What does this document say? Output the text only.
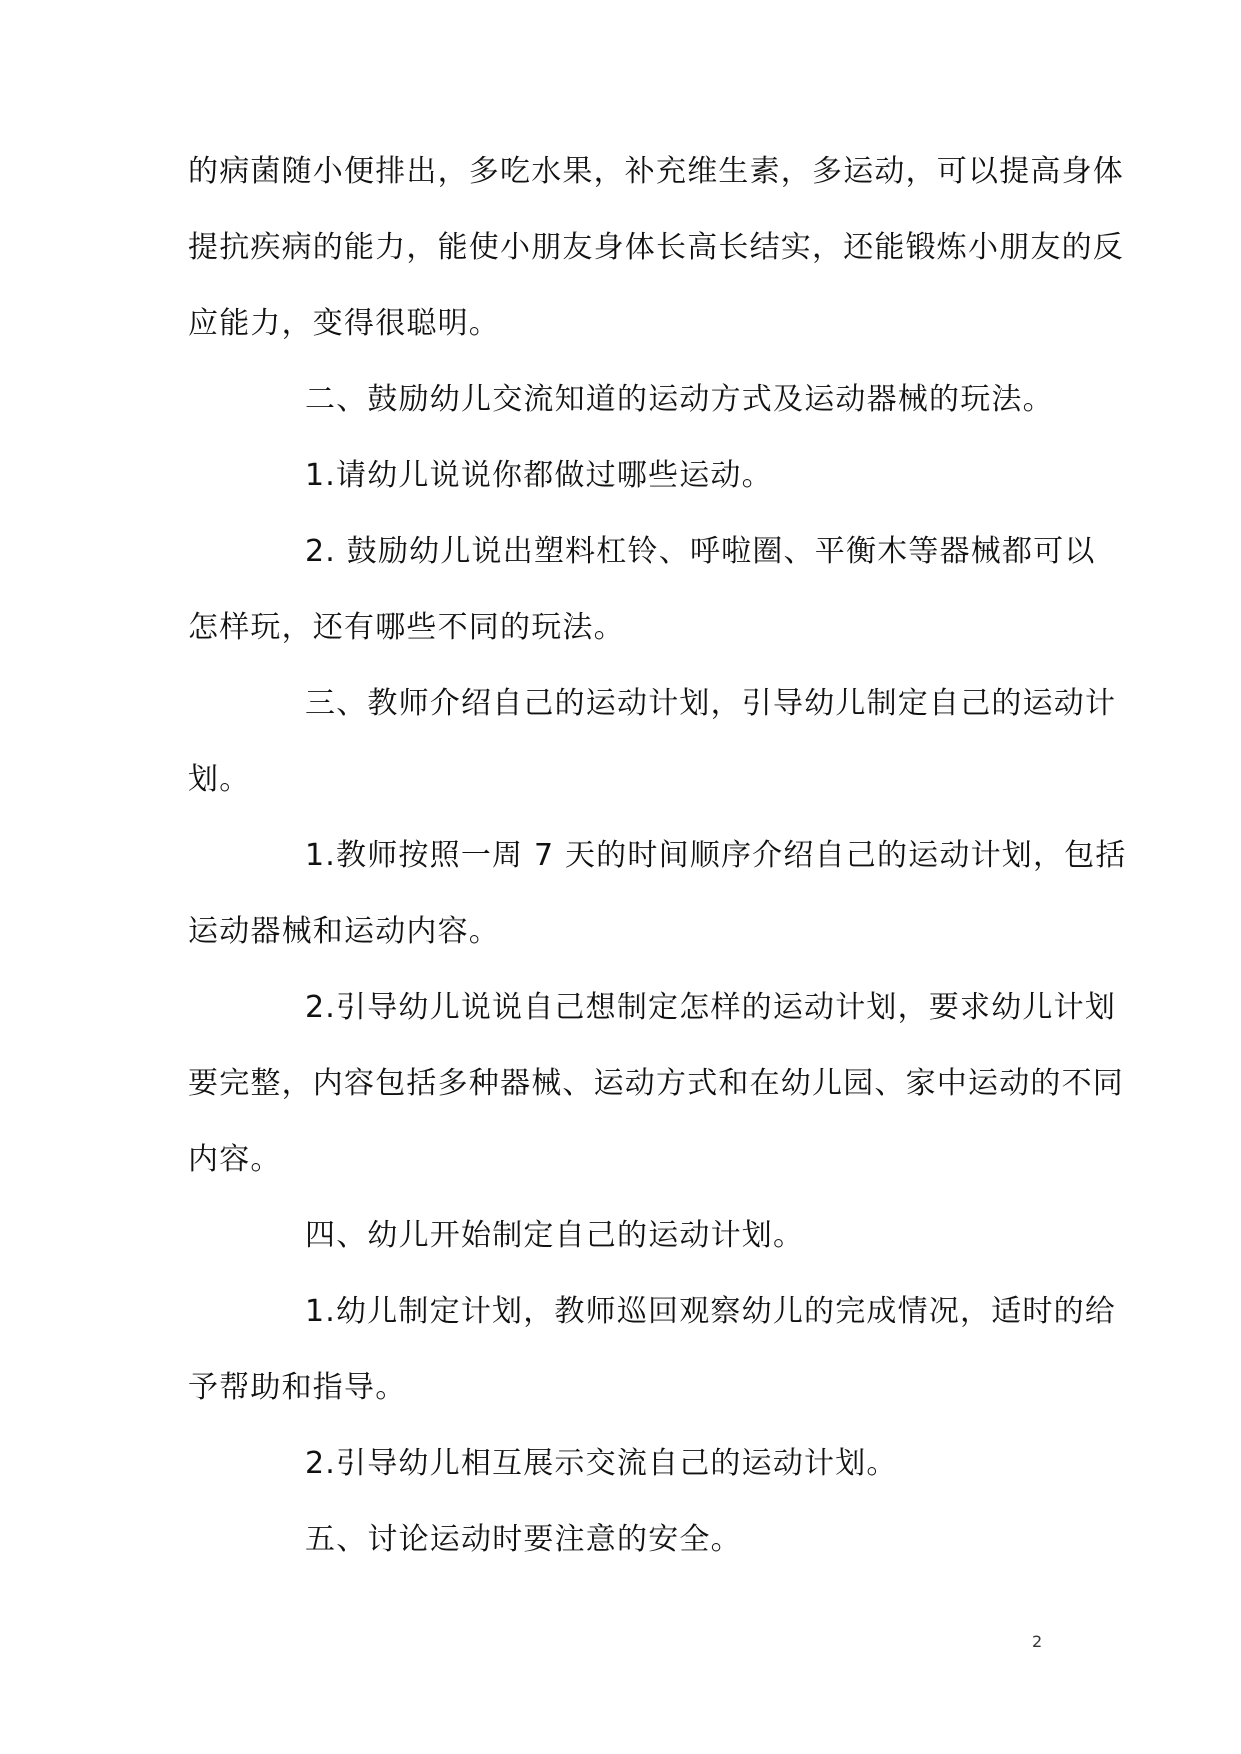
的病菌随小便排出，多吃水果，补充维生素，多运动，可以提高身体
提抗疾病的能力，能使小朋友身体长高长结实，还能锻炼小朋友的反
应能力，变得很聪明。
二、鼓励幼儿交流知道的运动方式及运动器械的玩法。
1.请幼儿说说你都做过哪些运动。
2. 鼓励幼儿说出塑料杠铃、呼啦圈、平衡木等器械都可以
怎样玩，还有哪些不同的玩法。
三、教师介绍自己的运动计划，引导幼儿制定自己的运动计
划。
1.教师按照一周 7 天的时间顺序介绍自己的运动计划，包括
运动器械和运动内容。
2.引导幼儿说说自己想制定怎样的运动计划，要求幼儿计划
要完整，内容包括多种器械、运动方式和在幼儿园、家中运动的不同
内容。
四、幼儿开始制定自己的运动计划。
1.幼儿制定计划，教师巡回观察幼儿的完成情况，适时的给
予帮助和指导。
2.引导幼儿相互展示交流自己的运动计划。
五、讨论运动时要注意的安全。
2
